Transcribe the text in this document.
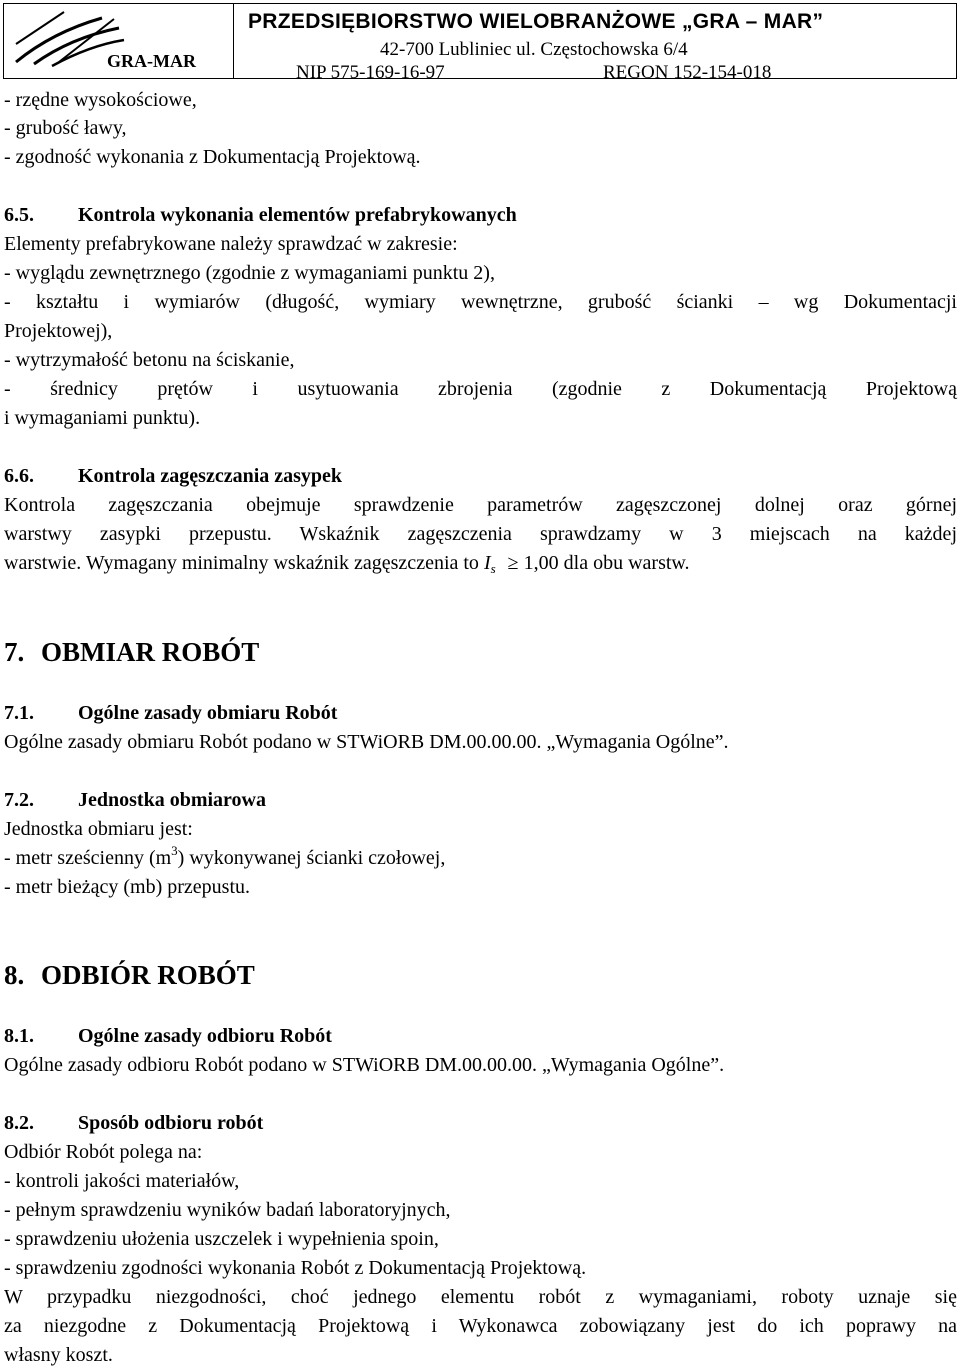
GRA-MAR
PRZEDSIĘBIORSTWO WIELOBRANŻOWE „GRA – MAR”
42-700 Lubliniec ul. Częstochowska 6/4
NIP 575-169-16-97	REGON 152-154-018
- rzędne wysokościowe,
- grubość ławy,
- zgodność wykonania z Dokumentacją Projektową.
6.5. Kontrola wykonania elementów prefabrykowanych
Elementy prefabrykowane należy sprawdzać w zakresie:
- wyglądu zewnętrznego (zgodnie z wymaganiami punktu 2),
- kształtu i wymiarów (długość, wymiary wewnętrzne, grubość ścianki – wg Dokumentacji
Projektowej),
- wytrzymałość betonu na ściskanie,
- średnicy prętów i usytuowania zbrojenia (zgodnie z Dokumentacją Projektową
i wymaganiami punktu).
6.6. Kontrola zagęszczania zasypek
Kontrola zagęszczania obejmuje sprawdzenie parametrów zagęszczonej dolnej oraz górnej
warstwy zasypki przepustu. Wskaźnik zagęszczenia sprawdzamy w 3 miejscach na każdej
warstwie. Wymagany minimalny wskaźnik zagęszczenia to $I_s \ge 1,00$ dla obu warstw.
7. OBMIAR ROBÓT
7.1. Ogólne zasady obmiaru Robót
Ogólne zasady obmiaru Robót podano w STWiORB DM.00.00.00. „Wymagania Ogólne”.
7.2. Jednostka obmiarowa
Jednostka obmiaru jest:
- metr sześcienny $(m^3)$ wykonywanej ścianki czołowej,
- metr bieżący (mb) przepustu.
8. ODBIÓR ROBÓT
8.1. Ogólne zasady odbioru Robót
Ogólne zasady odbioru Robót podano w STWiORB DM.00.00.00. „Wymagania Ogólne”.
8.2. Sposób odbioru robót
Odbiór Robót polega na:
- kontroli jakości materiałów,
- pełnym sprawdzeniu wyników badań laboratoryjnych,
- sprawdzeniu ułożenia uszczelek i wypełnienia spoin,
- sprawdzeniu zgodności wykonania Robót z Dokumentacją Projektową.
W przypadku niezgodności, choć jednego elementu robót z wymaganiami, roboty uznaje się
za niezgodne z Dokumentacją Projektową i Wykonawca zobowiązany jest do ich poprawy na
własny koszt.
